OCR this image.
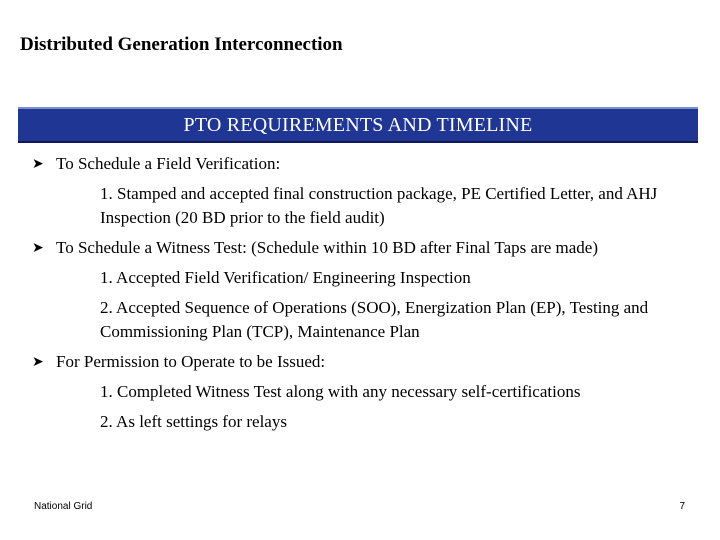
Distributed Generation Interconnection
PTO REQUIREMENTS AND TIMELINE
➤ To Schedule a Field Verification:
1. Stamped and accepted final construction package, PE Certified Letter, and AHJ Inspection (20 BD prior to the field audit)
➤ To Schedule a Witness Test: (Schedule within 10 BD after Final Taps are made)
1. Accepted Field Verification/ Engineering Inspection
2. Accepted Sequence of Operations (SOO), Energization Plan (EP), Testing and Commissioning Plan (TCP), Maintenance Plan
➤ For Permission to Operate to be Issued:
1. Completed Witness Test along with any necessary self-certifications
2. As left settings for relays
National Grid	7
